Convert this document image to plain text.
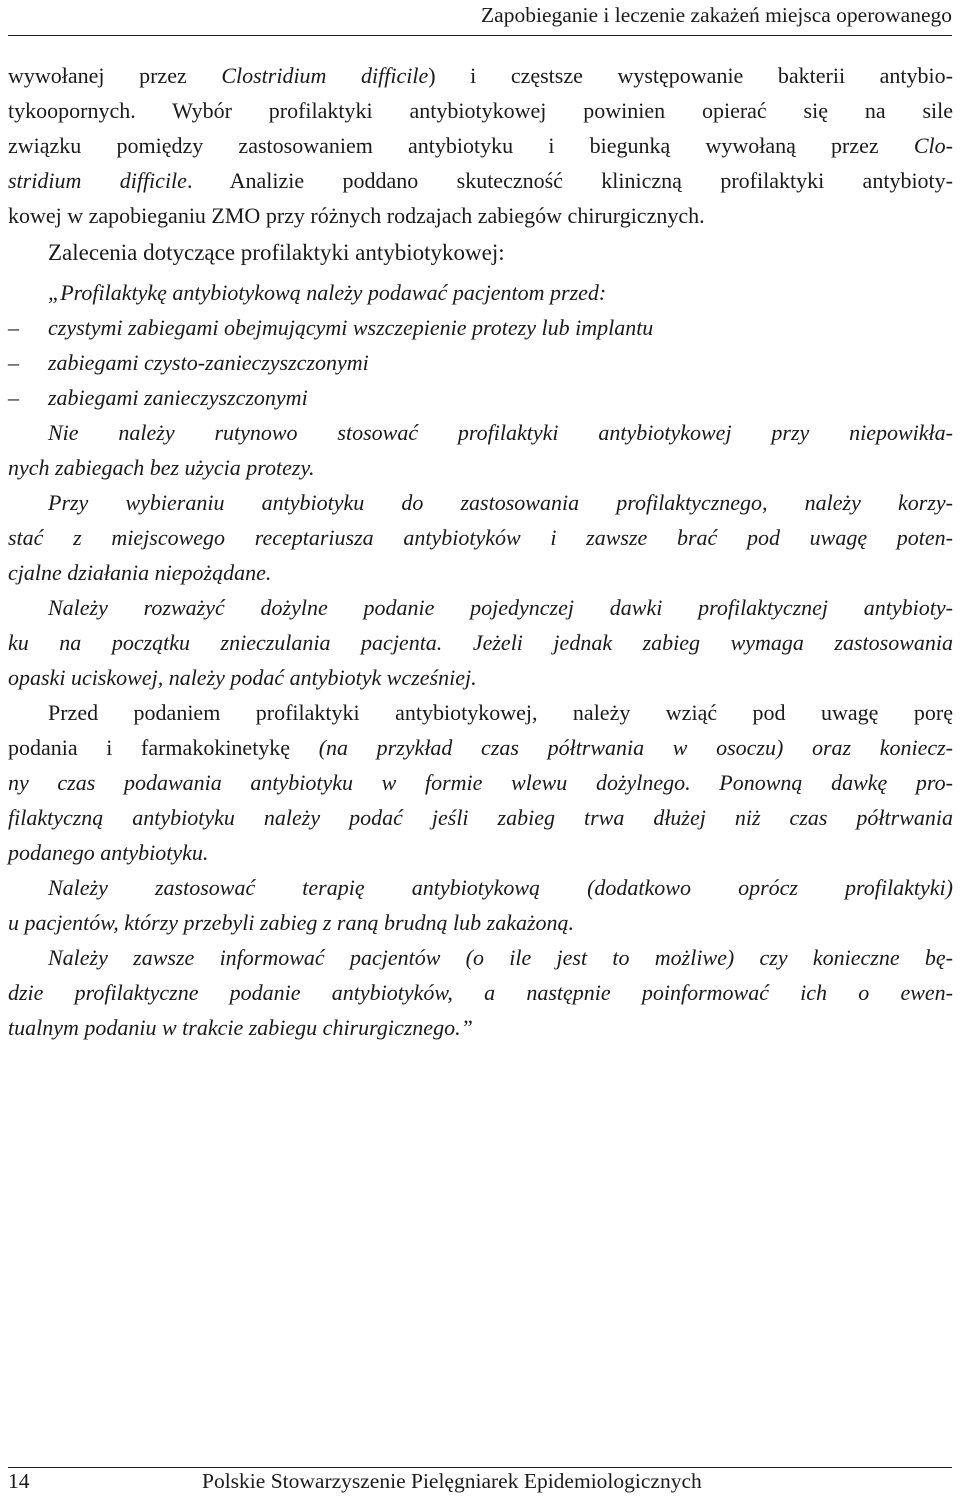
Zapobieganie i leczenie zakażeń miejsca operowanego
wywołanej przez Clostridium difficile) i częstsze występowanie bakterii antybio-
tykoopornych. Wybór profilaktyki antybiotykowej powinien opierać się na sile
związku pomiędzy zastosowaniem antybiotyku i biegunką wywołaną przez Clo-
stridium difficile. Analizie poddano skuteczność kliniczną profilaktyki antybioty-
kowej w zapobieganiu ZMO przy różnych rodzajach zabiegów chirurgicznych.
Zalecenia dotyczące profilaktyki antybiotykowej:
„Profilaktykę antybiotykową należy podawać pacjentom przed:
–	czystymi zabiegami obejmującymi wszczepienie protezy lub implantu
–	zabiegami czysto-zanieczyszczonymi
–	zabiegami zanieczyszczonymi
Nie należy rutynowo stosować profilaktyki antybiotykowej przy niepowikła-
nych zabiegach bez użycia protezy.
Przy wybieraniu antybiotyku do zastosowania profilaktycznego, należy korzy-
stać z miejscowego receptariusza antybiotyków i zawsze brać pod uwagę poten-
cjalne działania niepożądane.
Należy rozważyć dożylne podanie pojedynczej dawki profilaktycznej antybioty-
ku na początku znieczulania pacjenta. Jeżeli jednak zabieg wymaga zastosowania
opaski uciskowej, należy podać antybiotyk wcześniej.
Przed podaniem profilaktyki antybiotykowej, należy wziąć pod uwagę porę
podania i farmakokinetykę (na przykład czas półtrwania w osoczu) oraz koniecz-
ny czas podawania antybiotyku w formie wlewu dożylnego. Ponowną dawkę pro-
filaktyczną antybiotyku należy podać jeśli zabieg trwa dłużej niż czas półtrwania
podanego antybiotyku.
Należy zastosować terapię antybiotykową (dodatkowo oprócz profilaktyki)
u pacjentów, którzy przebyli zabieg z raną brudną lub zakażoną.
Należy zawsze informować pacjentów (o ile jest to możliwe) czy konieczne bę-
dzie profilaktyczne podanie antybiotyków, a następnie poinformować ich o ewen-
tualnym podaniu w trakcie zabiegu chirurgicznego.”
14	Polskie Stowarzyszenie Pielęgniarek Epidemiologicznych
